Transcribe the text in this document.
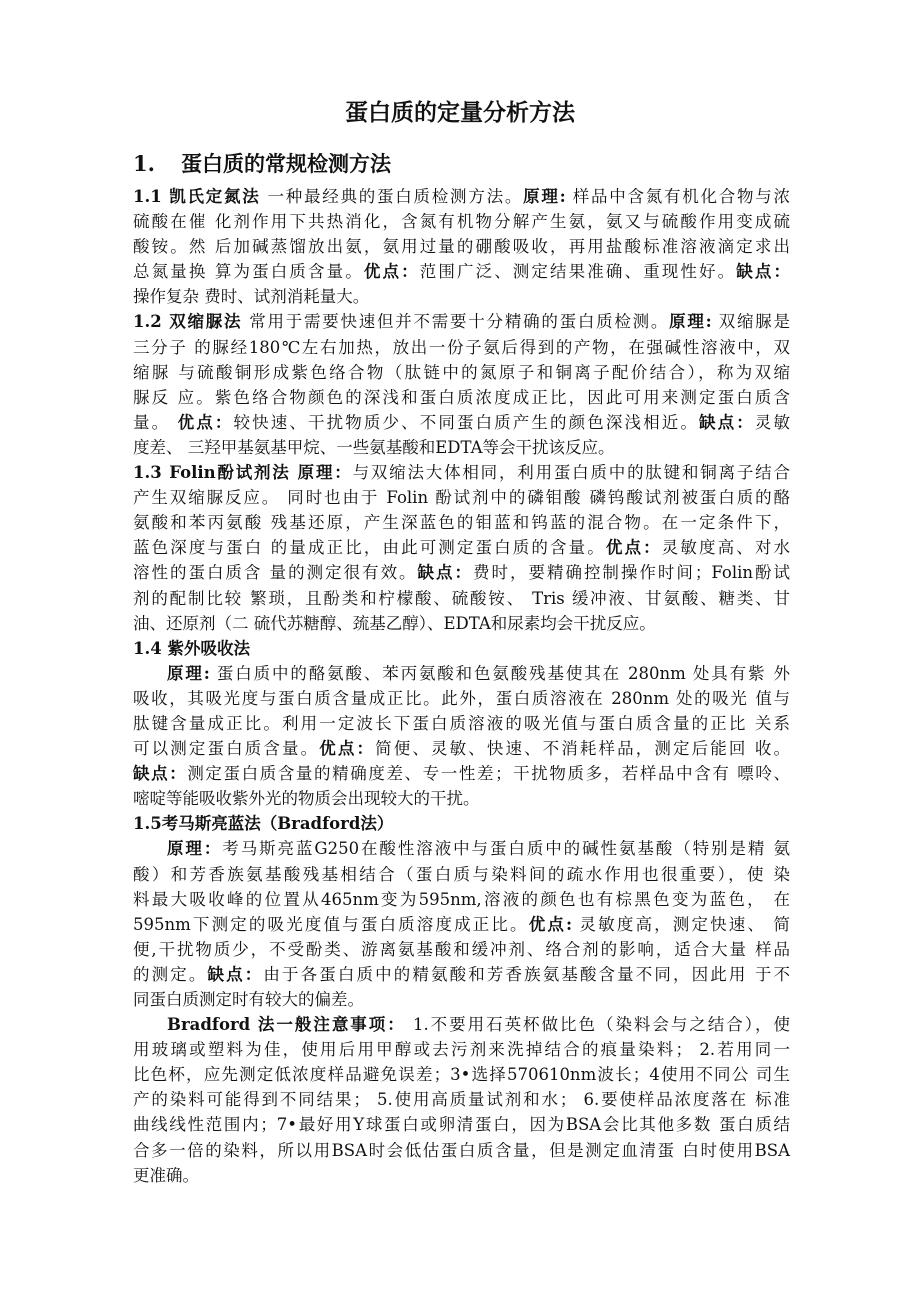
蛋白质的定量分析方法
1. 蛋白质的常规检测方法
1.1 凯氏定氮法 一种最经典的蛋白质检测方法。原理: 样品中含氮有机化合物与浓
硫酸在催 化剂作用下共热消化，含氮有机物分解产生氨，氨又与硫酸作用变成硫
酸铵。然 后加碱蒸馏放出氨，氨用过量的硼酸吸收，再用盐酸标准溶液滴定求出
总氮量换 算为蛋白质含量。优点：范围广泛、测定结果准确、重现性好。缺点：
操作复杂 费时、试剂消耗量大。
1.2 双缩脲法 常用于需要快速但并不需要十分精确的蛋白质检测。原理: 双缩脲是
三分子 的脲经180℃左右加热，放出一份子氨后得到的产物，在强碱性溶液中，双
缩脲 与硫酸铜形成紫色络合物（肽链中的氮原子和铜离子配价结合），称为双缩
脲反 应。紫色络合物颜色的深浅和蛋白质浓度成正比，因此可用来测定蛋白质含
量。 优点：较快速、干扰物质少、不同蛋白质产生的颜色深浅相近。缺点：灵敏
度差、 三羟甲基氨基甲烷、一些氨基酸和EDTA等会干扰该反应。
1.3 Folin酚试剂法 原理：与双缩法大体相同，利用蛋白质中的肽键和铜离子结合
产生双缩脲反应。 同时也由于 Folin 酚试剂中的磷钼酸 磷钨酸试剂被蛋白质的酪
氨酸和苯丙氨酸 残基还原，产生深蓝色的钼蓝和钨蓝的混合物。在一定条件下，
蓝色深度与蛋白 的量成正比，由此可测定蛋白质的含量。优点：灵敏度高、对水
溶性的蛋白质含 量的测定很有效。缺点：费时，要精确控制操作时间；Folin酚试
剂的配制比较 繁琐，且酚类和柠檬酸、硫酸铵、 Tris 缓冲液、甘氨酸、糖类、甘
油、还原剂（二 硫代苏糖醇、巯基乙醇）、EDTA和尿素均会干扰反应。
1.4 紫外吸收法
原理: 蛋白质中的酪氨酸、苯丙氨酸和色氨酸残基使其在 280nm 处具有紫 外
吸收，其吸光度与蛋白质含量成正比。此外，蛋白质溶液在 280nm 处的吸光 值与
肽键含量成正比。利用一定波长下蛋白质溶液的吸光值与蛋白质含量的正比 关系
可以测定蛋白质含量。优点：简便、灵敏、快速、不消耗样品，测定后能回 收。
缺点：测定蛋白质含量的精确度差、专一性差；干扰物质多，若样品中含有 嘌呤、
嘧啶等能吸收紫外光的物质会出现较大的干扰。
1.5考马斯亮蓝法（Bradford法）
原理：考马斯亮蓝G250在酸性溶液中与蛋白质中的碱性氨基酸（特别是精 氨
酸）和芳香族氨基酸残基相结合（蛋白质与染料间的疏水作用也很重要），使 染
料最大吸收峰的位置从465nm变为595nm,溶液的颜色也有棕黑色变为蓝色， 在
595nm下测定的吸光度值与蛋白质溶度成正比。优点: 灵敏度高，测定快速、 简
便,干扰物质少，不受酚类、游离氨基酸和缓冲剂、络合剂的影响，适合大量 样品
的测定。缺点：由于各蛋白质中的精氨酸和芳香族氨基酸含量不同，因此用 于不
同蛋白质测定时有较大的偏差。
Bradford 法一般注意事项： 1.不要用石英杯做比色（染料会与之结合），使
用玻璃或塑料为佳，使用后用甲醇或去污剂来洗掉结合的痕量染料； 2.若用同一
比色杯，应先测定低浓度样品避免误差；3•选择570610nm波长；4使用不同公 司生
产的染料可能得到不同结果； 5.使用高质量试剂和水； 6.要使样品浓度落在 标准
曲线线性范围内；7•最好用Y球蛋白或卵清蛋白，因为BSA会比其他多数 蛋白质结
合多一倍的染料，所以用BSA时会低估蛋白质含量，但是测定血清蛋 白时使用BSA
更准确。
